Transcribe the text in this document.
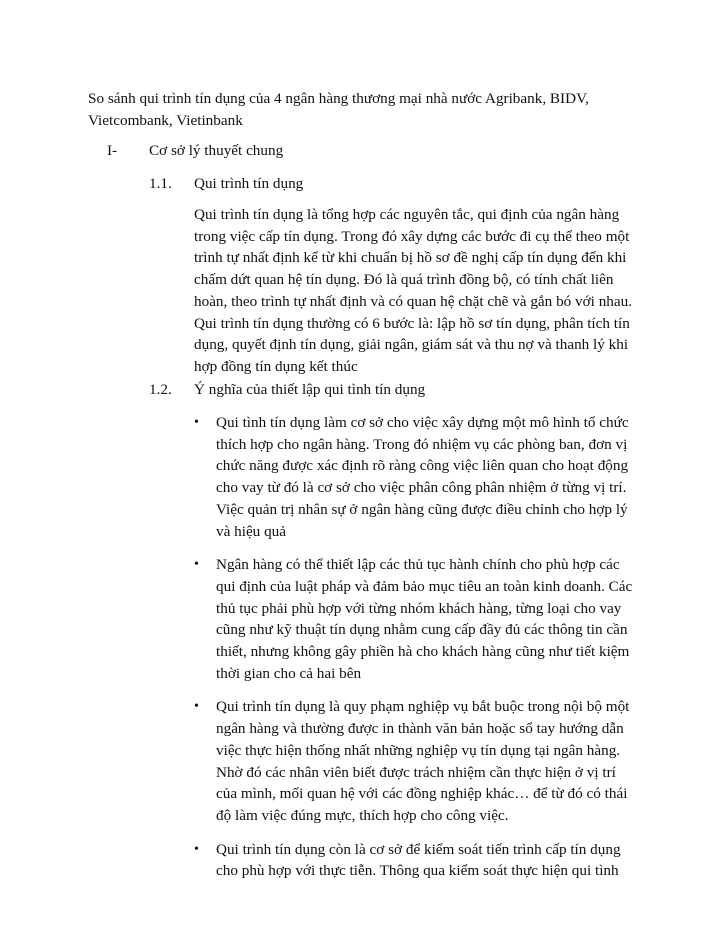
So sánh qui trình tín dụng của 4 ngân hàng thương mại nhà nước Agribank, BIDV,
Vietcombank, Vietinbank
I- Cơ sở lý thuyết chung
1.1. Qui trình tín dụng
Qui trình tín dụng là tổng hợp các nguyên tắc, qui định của ngân hàng
trong việc cấp tín dụng. Trong đó xây dựng các bước đi cụ thể theo một
trình tự nhất định kể từ khi chuẩn bị hồ sơ đề nghị cấp tín dụng đến khi
chấm dứt quan hệ tín dụng. Đó là quá trình đồng bộ, có tính chất liên
hoàn, theo trình tự nhất định và có quan hệ chặt chẽ và gắn bó với nhau.
Qui trình tín dụng thường có 6 bước là: lập hồ sơ tín dụng, phân tích tín
dụng, quyết định tín dụng, giải ngân, giám sát và thu nợ và thanh lý khi
hợp đồng tín dụng kết thúc
1.2. Ý nghĩa của thiết lập qui tình tín dụng
• Qui tình tín dụng làm cơ sở cho việc xây dựng một mô hình tổ chức
thích hợp cho ngân hàng. Trong đó nhiệm vụ các phòng ban, đơn vị
chức năng được xác định rõ ràng công việc liên quan cho hoạt động
cho vay từ đó là cơ sở cho việc phân công phân nhiệm ở từng vị trí.
Việc quản trị nhân sự ở ngân hàng cũng được điều chỉnh cho hợp lý
và hiệu quả
• Ngân hàng có thể thiết lập các thủ tục hành chính cho phù hợp các
qui định của luật pháp và đảm bảo mục tiêu an toàn kinh doanh. Các
thủ tục phải phù hợp với từng nhóm khách hàng, từng loại cho vay
cũng như kỹ thuật tín dụng nhằm cung cấp đầy đủ các thông tin cần
thiết, nhưng không gây phiền hà cho khách hàng cũng như tiết kiệm
thời gian cho cả hai bên
• Qui trình tín dụng là quy phạm nghiệp vụ bắt buộc trong nội bộ một
ngân hàng và thường được in thành văn bản hoặc sổ tay hướng dẫn
việc thực hiện thống nhất những nghiệp vụ tín dụng tại ngân hàng.
Nhờ đó các nhân viên biết được trách nhiệm cần thực hiện ở vị trí
của mình, mối quan hệ với các đồng nghiệp khác… để từ đó có thái
độ làm việc đúng mực, thích hợp cho công việc.
• Qui trình tín dụng còn là cơ sở để kiểm soát tiến trình cấp tín dụng
cho phù hợp với thực tiễn. Thông qua kiểm soát thực hiện qui tình
